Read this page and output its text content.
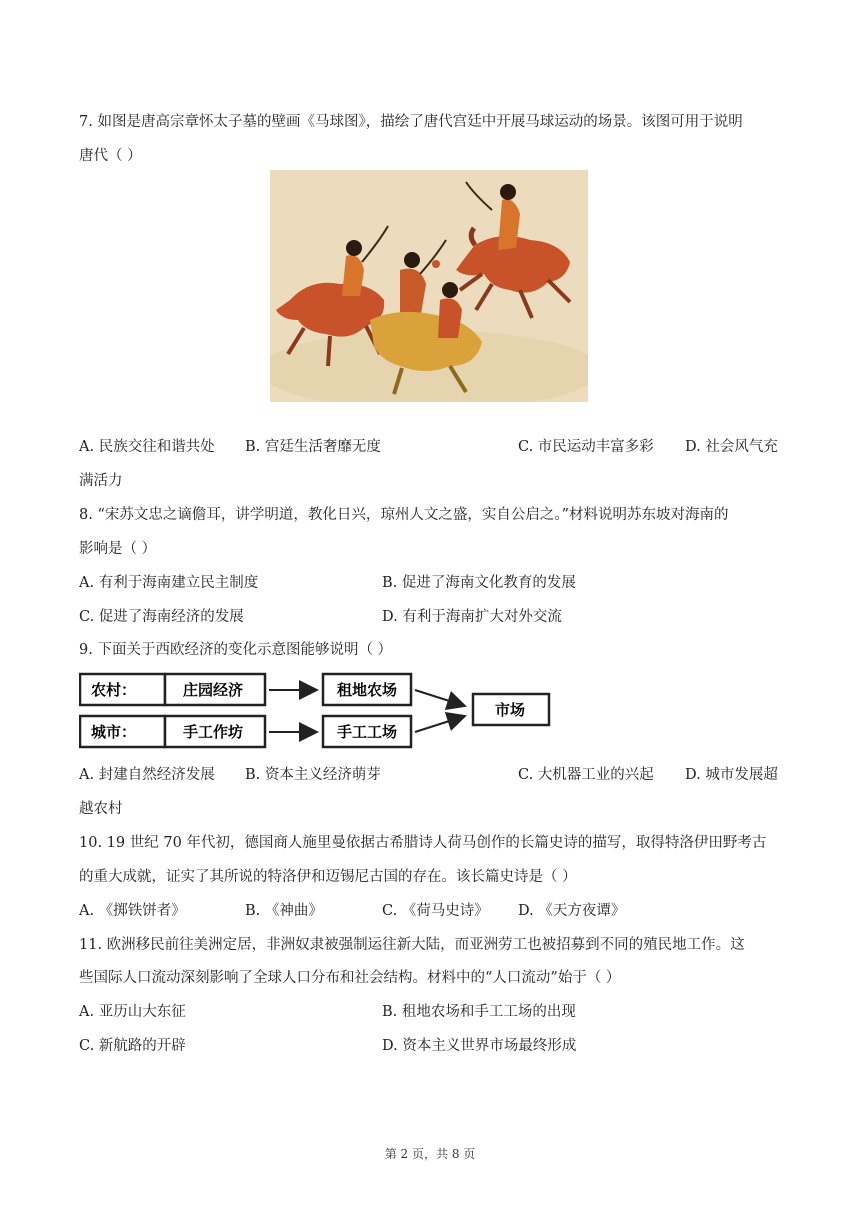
7. 如图是唐高宗章怀太子墓的壁画《马球图》，描绘了唐代宫廷中开展马球运动的场景。该图可用于说明
唐代（ ）
A. 民族交往和谐共处 B. 宫廷生活奢靡无度	C. 市民运动丰富多彩 D. 社会风气充
满活力
8. “宋苏文忠之谪儋耳，讲学明道，教化日兴，琼州人文之盛，实自公启之。”材料说明苏东坡对海南的
影响是（ ）
A. 有利于海南建立民主制度	B. 促进了海南文化教育的发展
C. 促进了海南经济的发展	D. 有利于海南扩大对外交流
9. 下面关于西欧经济的变化示意图能够说明（ ）
农村：	庄园经济	租地农场
城市：	手工作坊	手工工场
市场
A. 封建自然经济发展 B. 资本主义经济萌芽	C. 大机器工业的兴起 D. 城市发展超
越农村
10. 19 世纪 70 年代初，德国商人施里曼依据古希腊诗人荷马创作的长篇史诗的描写，取得特洛伊田野考古
的重大成就，证实了其所说的特洛伊和迈锡尼古国的存在。该长篇史诗是（ ）
A. 《掷铁饼者》	B. 《神曲》	C. 《荷马史诗》 D. 《天方夜谭》
11. 欧洲移民前往美洲定居，非洲奴隶被强制运往新大陆，而亚洲劳工也被招募到不同的殖民地工作。这
些国际人口流动深刻影响了全球人口分布和社会结构。材料中的“人口流动”始于（ ）
A. 亚历山大东征	B. 租地农场和手工工场的出现
C. 新航路的开辟	D. 资本主义世界市场最终形成
第 2 页，共 8 页
